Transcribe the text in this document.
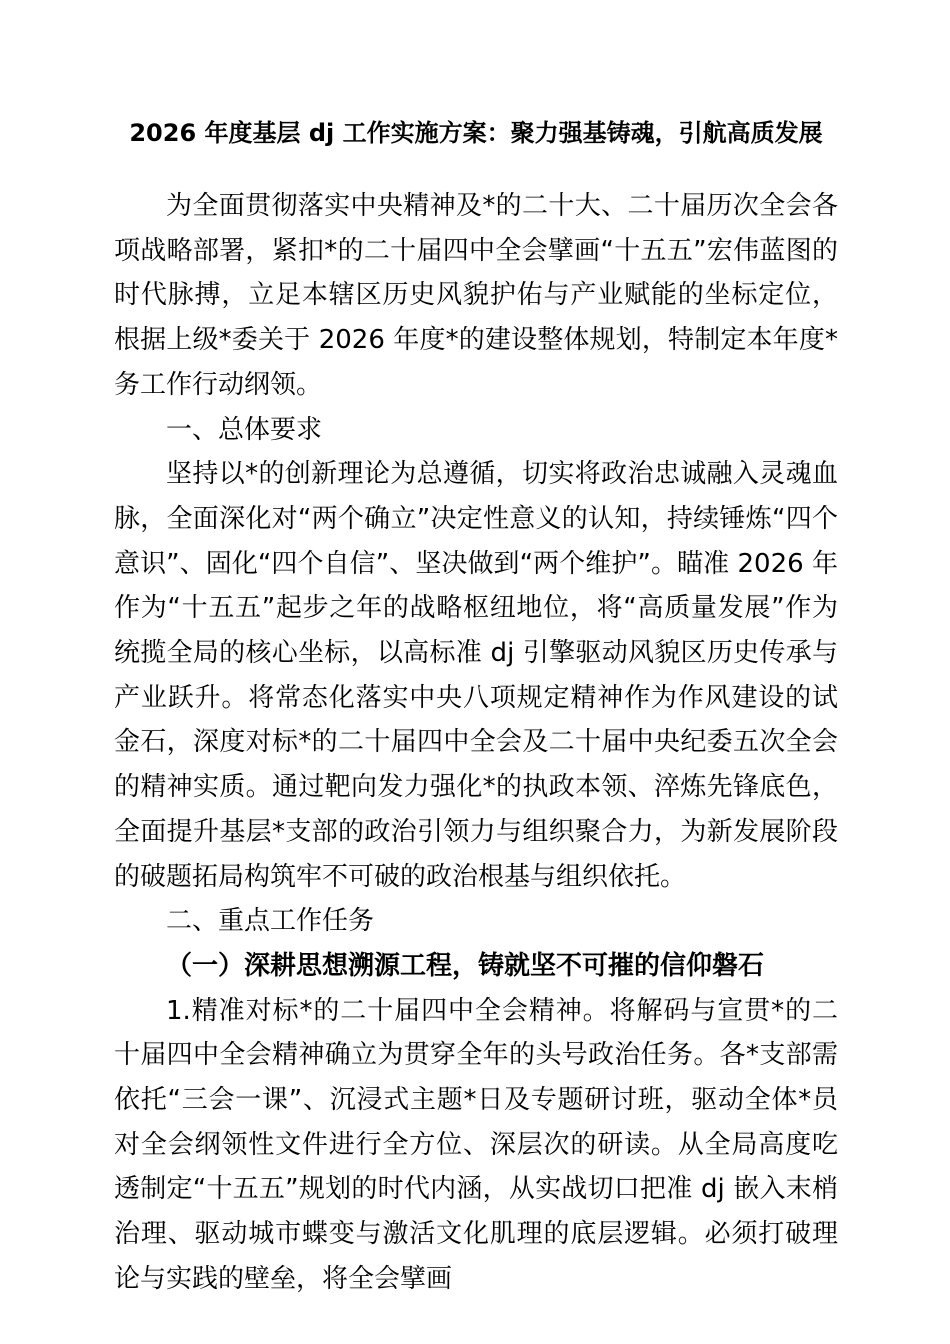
2026 年度基层 dj 工作实施方案：聚力强基铸魂，引航高质发展

为全面贯彻落实中央精神及*的二十大、二十届历次全会各项战略部署，紧扣*的二十届四中全会擘画“十五五”宏伟蓝图的时代脉搏，立足本辖区历史风貌护佑与产业赋能的坐标定位，根据上级*委关于 2026 年度*的建设整体规划，特制定本年度*务工作行动纲领。

一、总体要求

坚持以*的创新理论为总遵循，切实将政治忠诚融入灵魂血脉，全面深化对“两个确立”决定性意义的认知，持续锤炼“四个意识”、固化“四个自信”、坚决做到“两个维护”。瞄准 2026 年作为“十五五”起步之年的战略枢纽地位，将“高质量发展”作为统揽全局的核心坐标，以高标准 dj 引擎驱动风貌区历史传承与产业跃升。将常态化落实中央八项规定精神作为作风建设的试金石，深度对标*的二十届四中全会及二十届中央纪委五次全会的精神实质。通过靶向发力强化*的执政本领、淬炼先锋底色，全面提升基层*支部的政治引领力与组织聚合力，为新发展阶段的破题拓局构筑牢不可破的政治根基与组织依托。

二、重点工作任务

（一）深耕思想溯源工程，铸就坚不可摧的信仰磐石

1.精准对标*的二十届四中全会精神。将解码与宣贯*的二十届四中全会精神确立为贯穿全年的头号政治任务。各*支部需依托“三会一课”、沉浸式主题*日及专题研讨班，驱动全体*员对全会纲领性文件进行全方位、深层次的研读。从全局高度吃透制定“十五五”规划的时代内涵，从实战切口把准 dj 嵌入末梢治理、驱动城市蝶变与激活文化肌理的底层逻辑。必须打破理论与实践的壁垒，将全会擘画
